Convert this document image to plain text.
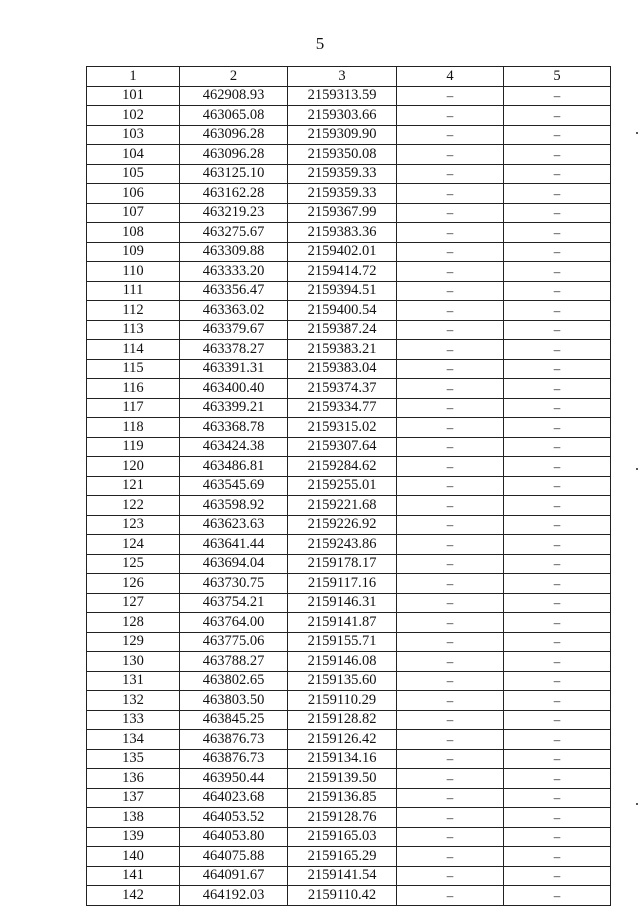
5
1	2	3	4	5
101	462908.93	2159313.59	–	–
102	463065.08	2159303.66	–	–
103	463096.28	2159309.90	–	–
104	463096.28	2159350.08	–	–
105	463125.10	2159359.33	–	–
106	463162.28	2159359.33	–	–
107	463219.23	2159367.99	–	–
108	463275.67	2159383.36	–	–
109	463309.88	2159402.01	–	–
110	463333.20	2159414.72	–	–
111	463356.47	2159394.51	–	–
112	463363.02	2159400.54	–	–
113	463379.67	2159387.24	–	–
114	463378.27	2159383.21	–	–
115	463391.31	2159383.04	–	–
116	463400.40	2159374.37	–	–
117	463399.21	2159334.77	–	–
118	463368.78	2159315.02	–	–
119	463424.38	2159307.64	–	–
120	463486.81	2159284.62	–	–
121	463545.69	2159255.01	–	–
122	463598.92	2159221.68	–	–
123	463623.63	2159226.92	–	–
124	463641.44	2159243.86	–	–
125	463694.04	2159178.17	–	–
126	463730.75	2159117.16	–	–
127	463754.21	2159146.31	–	–
128	463764.00	2159141.87	–	–
129	463775.06	2159155.71	–	–
130	463788.27	2159146.08	–	–
131	463802.65	2159135.60	–	–
132	463803.50	2159110.29	–	–
133	463845.25	2159128.82	–	–
134	463876.73	2159126.42	–	–
135	463876.73	2159134.16	–	–
136	463950.44	2159139.50	–	–
137	464023.68	2159136.85	–	–
138	464053.52	2159128.76	–	–
139	464053.80	2159165.03	–	–
140	464075.88	2159165.29	–	–
141	464091.67	2159141.54	–	–
142	464192.03	2159110.42	–	–
